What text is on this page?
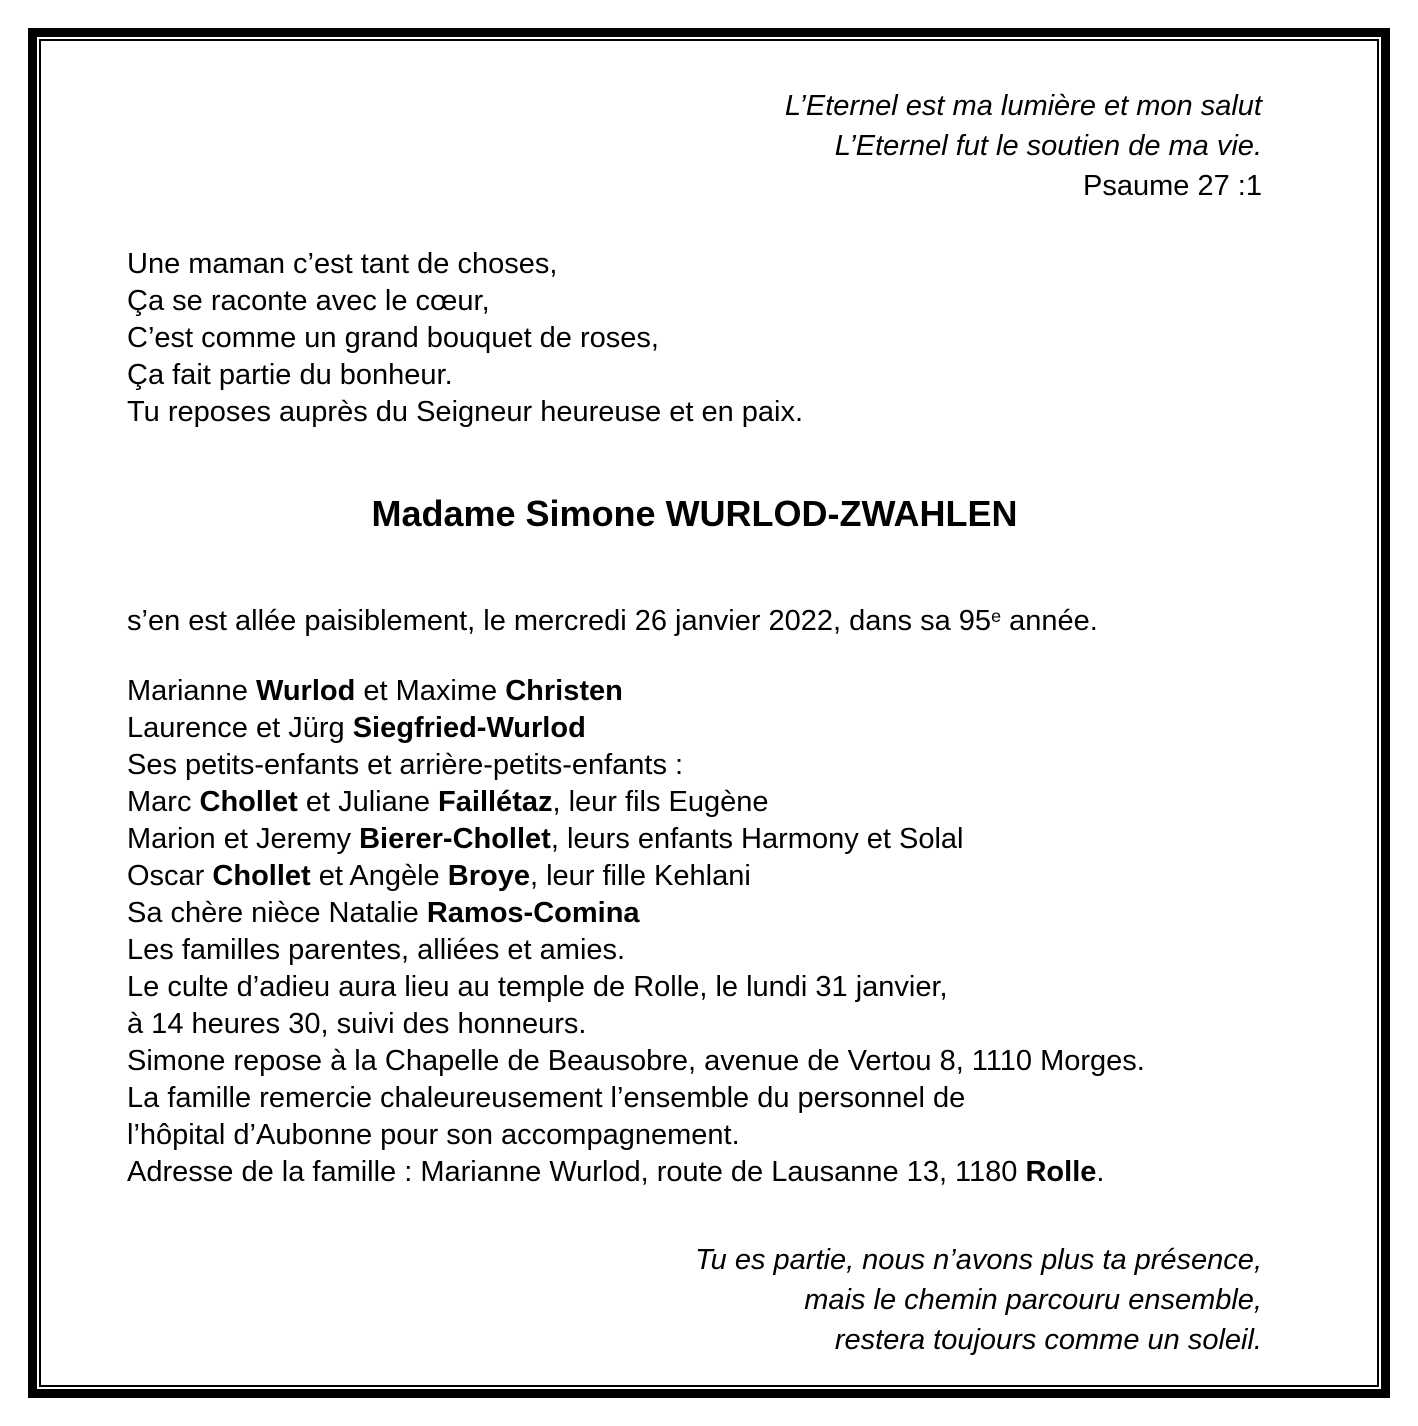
L’Eternel est ma lumière et mon salut
L’Eternel fut le soutien de ma vie.
Psaume 27 :1
Une maman c’est tant de choses,
Ça se raconte avec le cœur,
C’est comme un grand bouquet de roses,
Ça fait partie du bonheur.
Tu reposes auprès du Seigneur heureuse et en paix.
Madame Simone WURLOD-ZWAHLEN
s’en est allée paisiblement, le mercredi 26 janvier 2022, dans sa 95e année.
Marianne Wurlod et Maxime Christen
Laurence et Jürg Siegfried-Wurlod
Ses petits-enfants et arrière-petits-enfants :
Marc Chollet et Juliane Faillétaz, leur fils Eugène
Marion et Jeremy Bierer-Chollet, leurs enfants Harmony et Solal
Oscar Chollet et Angèle Broye, leur fille Kehlani
Sa chère nièce Natalie Ramos-Comina
Les familles parentes, alliées et amies.
Le culte d’adieu aura lieu au temple de Rolle, le lundi 31 janvier,
à 14 heures 30, suivi des honneurs.
Simone repose à la Chapelle de Beausobre, avenue de Vertou 8, 1110 Morges.
La famille remercie chaleureusement l’ensemble du personnel de
l’hôpital d’Aubonne pour son accompagnement.
Adresse de la famille : Marianne Wurlod, route de Lausanne 13, 1180 Rolle.
Tu es partie, nous n’avons plus ta présence,
mais le chemin parcouru ensemble,
restera toujours comme un soleil.
